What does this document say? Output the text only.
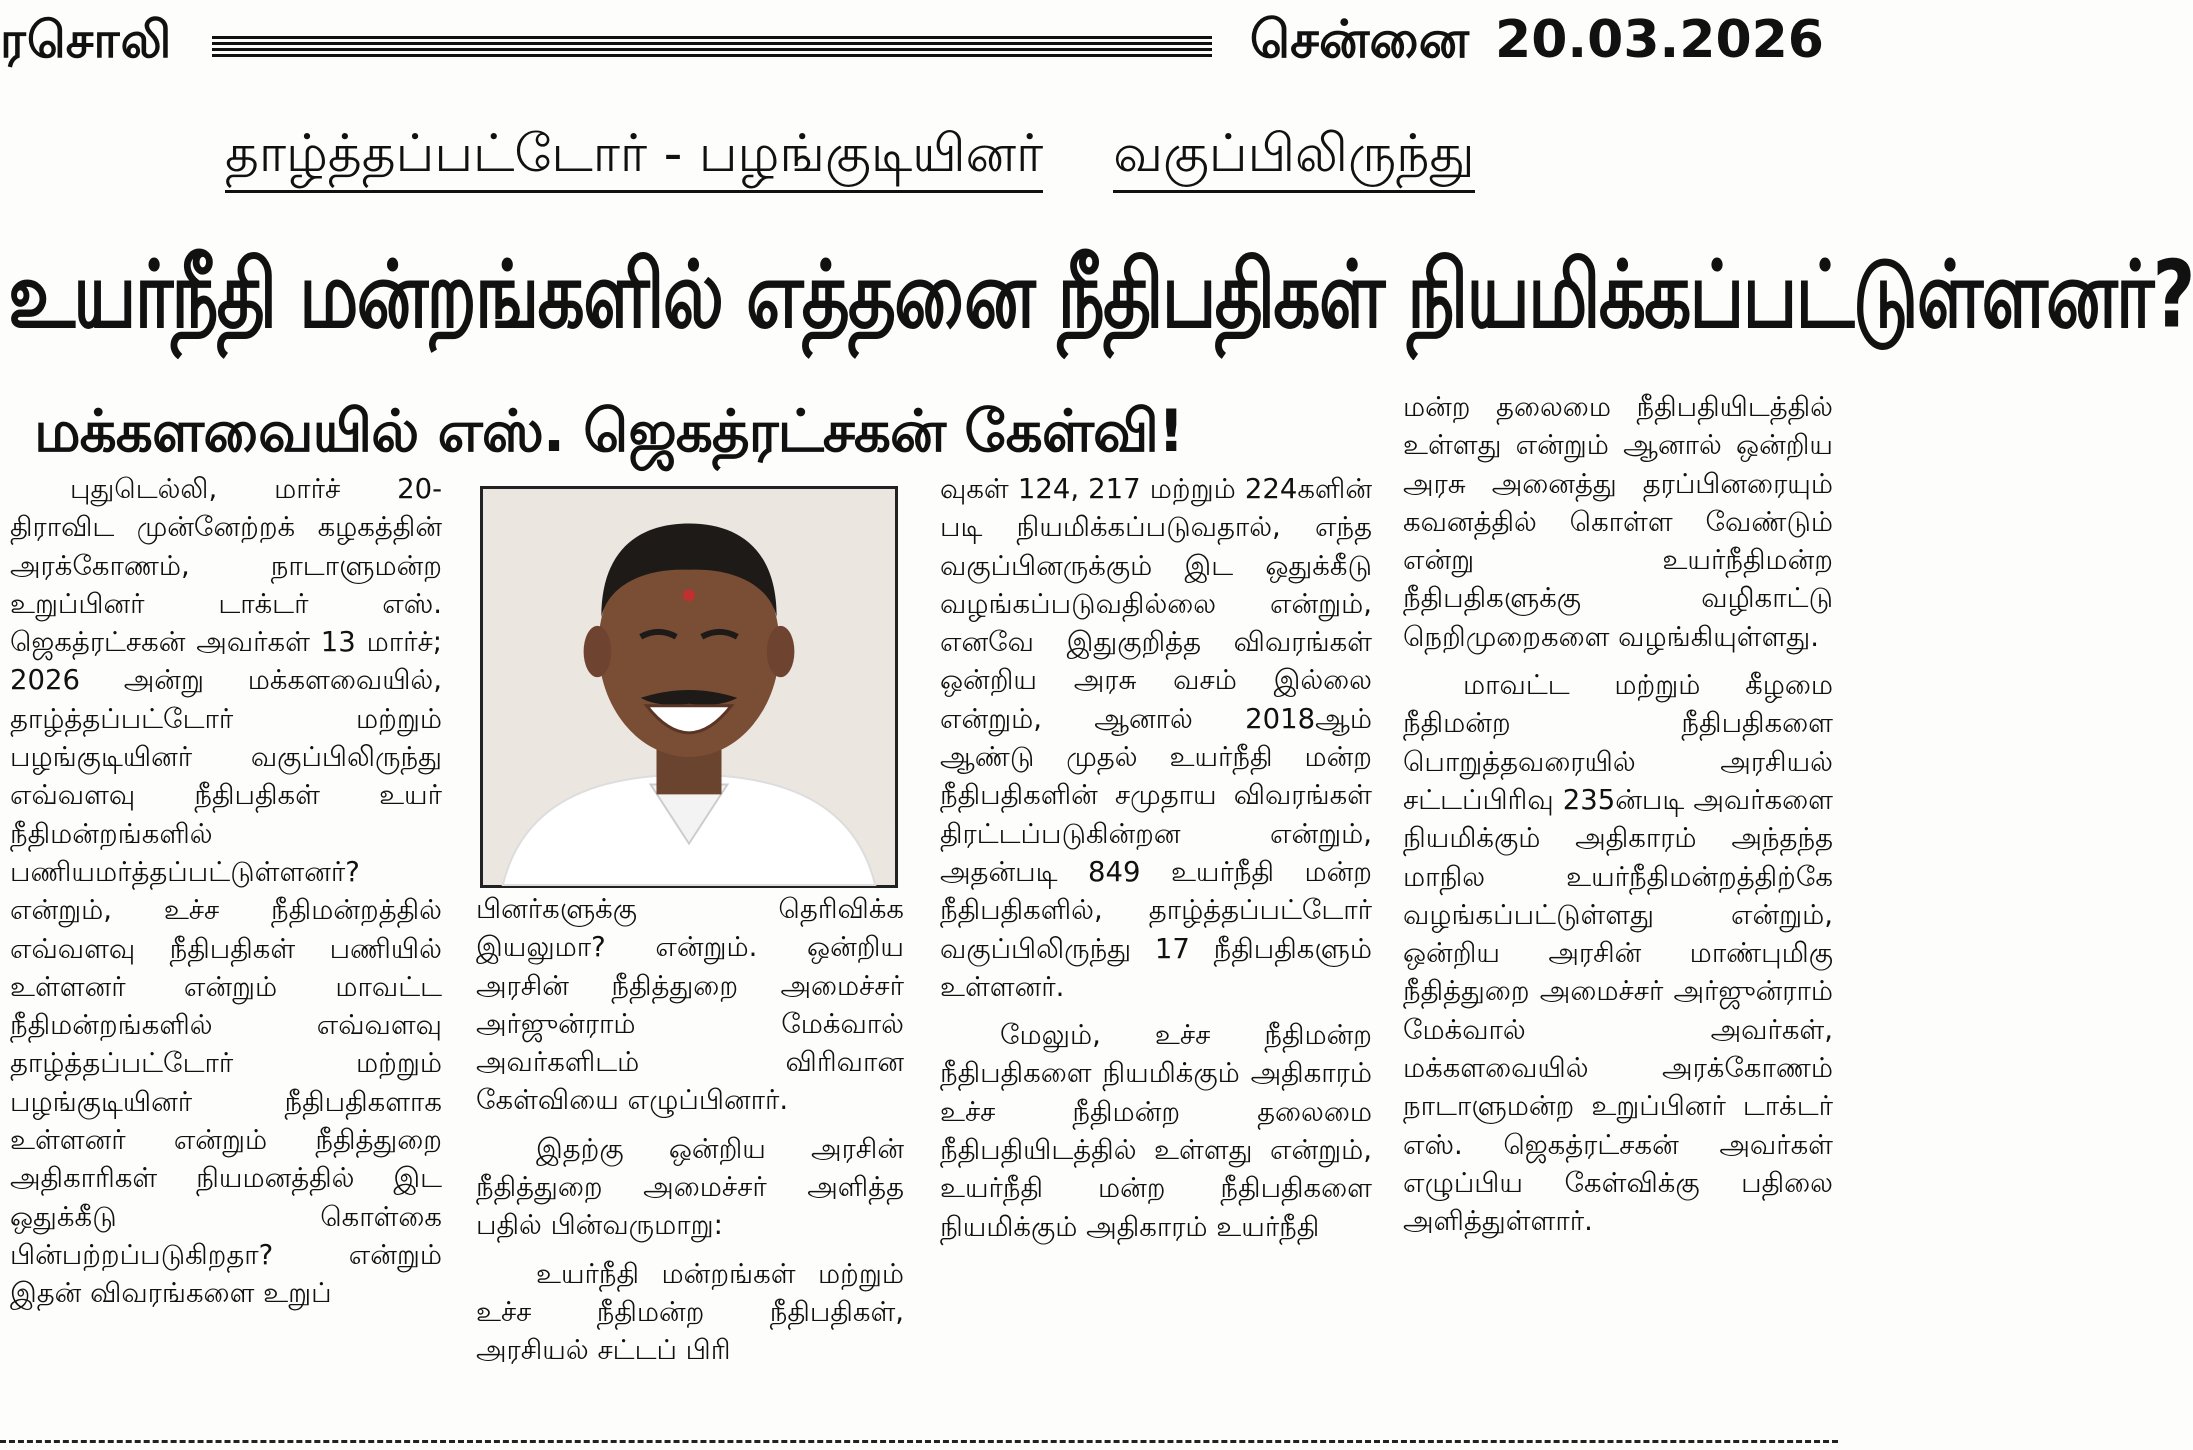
ரசொலி	சென்னை 20.03.2026
தாழ்த்தப்பட்டோர் - பழங்குடியினர் வகுப்பிலிருந்து
உயர்நீதி மன்றங்களில் எத்தனை நீதிபதிகள் நியமிக்கப்பட்டுள்ளனர்?
மக்களவையில் எஸ். ஜெகத்ரட்சகன் கேள்வி!

புதுடெல்லி, மார்ச் 20- திராவிட முன்னேற்றக் கழகத்தின் அரக்கோணம், நாடாளுமன்ற உறுப்பினர் டாக்டர் எஸ். ஜெகத்ரட்சகன் அவர்கள் 13 மார்ச்; 2026 அன்று மக்களவையில், தாழ்த்தப்பட்டோர் மற்றும் பழங்குடியினர் வகுப்பிலிருந்து எவ்வளவு நீதிபதிகள் உயர் நீதிமன்றங்களில் பணியமர்த்தப்பட்டுள்ளனர்? என்றும், உச்ச நீதிமன்றத்தில் எவ்வளவு நீதிபதிகள் பணியில் உள்ளனர் என்றும் மாவட்ட நீதிமன்றங்களில் எவ்வளவு தாழ்த்தப்பட்டோர் மற்றும் பழங்குடியினர் நீதிபதிகளாக உள்ளனர் என்றும் நீதித்துறை அதிகாரிகள் நியமனத்தில் இட ஒதுக்கீடு கொள்கை பின்பற்றப்படுகிறதா? என்றும் இதன் விவரங்களை உறுப்

பினர்களுக்கு தெரிவிக்க இயலுமா? என்றும். ஒன்றிய அரசின் நீதித்துறை அமைச்சர் அர்ஜுன்ராம் மேக்வால் அவர்களிடம் விரிவான கேள்வியை எழுப்பினார்.

இதற்கு ஒன்றிய அரசின் நீதித்துறை அமைச்சர் அளித்த பதில் பின்வருமாறு:

உயர்நீதி மன்றங்கள் மற்றும் உச்ச நீதிமன்ற நீதிபதிகள், அரசியல் சட்டப் பிரி

வுகள் 124, 217 மற்றும் 224களின் படி நியமிக்கப்படுவதால், எந்த வகுப்பினருக்கும் இட ஒதுக்கீடு வழங்கப்படுவதில்லை என்றும், எனவே இதுகுறித்த விவரங்கள் ஒன்றிய அரசு வசம் இல்லை என்றும், ஆனால் 2018ஆம் ஆண்டு முதல் உயர்நீதி மன்ற நீதிபதிகளின் சமுதாய விவரங்கள் திரட்டப்படுகின்றன என்றும், அதன்படி 849 உயர்நீதி மன்ற நீதிபதிகளில், தாழ்த்தப்பட்டோர் வகுப்பிலிருந்து 17 நீதிபதிகளும் உள்ளனர்.

மேலும், உச்ச நீதிமன்ற நீதிபதிகளை நியமிக்கும் அதிகாரம் உச்ச நீதிமன்ற தலைமை நீதிபதியிடத்தில் உள்ளது என்றும், உயர்நீதி மன்ற நீதிபதிகளை நியமிக்கும் அதிகாரம் உயர்நீதி

மன்ற தலைமை நீதிபதியிடத்தில் உள்ளது என்றும் ஆனால் ஒன்றிய அரசு அனைத்து தரப்பினரையும் கவனத்தில் கொள்ள வேண்டும் என்று உயர்நீதிமன்ற நீதிபதிகளுக்கு வழிகாட்டு நெறிமுறைகளை வழங்கியுள்ளது.

மாவட்ட மற்றும் கீழமை நீதிமன்ற நீதிபதிகளை பொறுத்தவரையில் அரசியல் சட்டப்பிரிவு 235ன்படி அவர்களை நியமிக்கும் அதிகாரம் அந்தந்த மாநில உயர்நீதிமன்றத்திற்கே வழங்கப்பட்டுள்ளது என்றும், ஒன்றிய அரசின் மாண்புமிகு நீதித்துறை அமைச்சர் அர்ஜுன்ராம் மேக்வால் அவர்கள், மக்களவையில் அரக்கோணம் நாடாளுமன்ற உறுப்பினர் டாக்டர் எஸ். ஜெகத்ரட்சகன் அவர்கள் எழுப்பிய கேள்விக்கு பதிலை அளித்துள்ளார்.
